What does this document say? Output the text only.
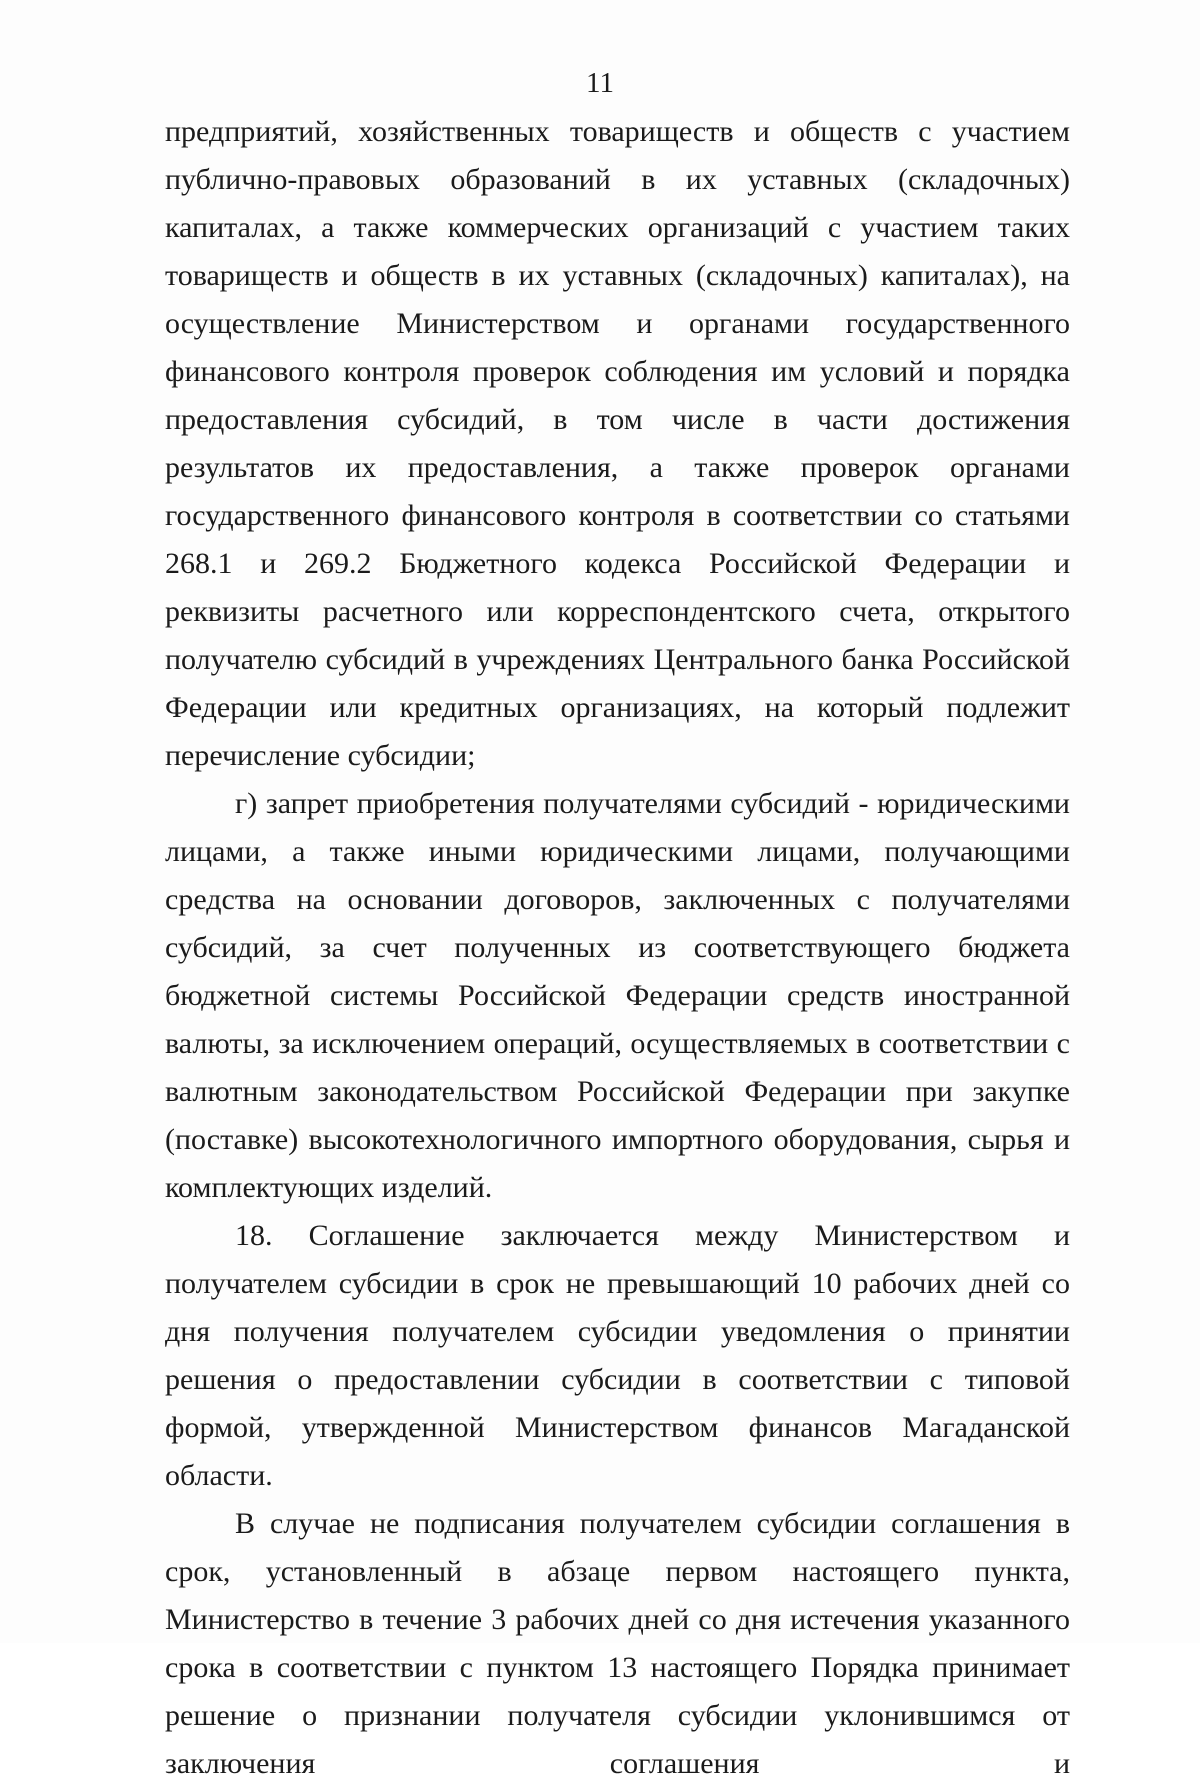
11

предприятий, хозяйственных товариществ и обществ с участием публично-правовых образований в их уставных (складочных) капиталах, а также коммерческих организаций с участием таких товариществ и обществ в их уставных (складочных) капиталах), на осуществление Министерством и органами государственного финансового контроля проверок соблюдения им условий и порядка предоставления субсидий, в том числе в части достижения результатов их предоставления, а также проверок органами государственного финансового контроля в соответствии со статьями 268.1 и 269.2 Бюджетного кодекса Российской Федерации и реквизиты расчетного или корреспондентского счета, открытого получателю субсидий в учреждениях Центрального банка Российской Федерации или кредитных организациях, на который подлежит перечисление субсидии;

г) запрет приобретения получателями субсидий - юридическими лицами, а также иными юридическими лицами, получающими средства на основании договоров, заключенных с получателями субсидий, за счет полученных из соответствующего бюджета бюджетной системы Российской Федерации средств иностранной валюты, за исключением операций, осуществляемых в соответствии с валютным законодательством Российской Федерации при закупке (поставке) высокотехнологичного импортного оборудования, сырья и комплектующих изделий.

18. Соглашение заключается между Министерством и получателем субсидии в срок не превышающий 10 рабочих дней со дня получения получателем субсидии уведомления о принятии решения о предоставлении субсидии в соответствии с типовой формой, утвержденной Министерством финансов Магаданской области.

В случае не подписания получателем субсидии соглашения в срок, установленный в абзаце первом настоящего пункта, Министерство в течение 3 рабочих дней со дня истечения указанного срока в соответствии с пунктом 13 настоящего Порядка принимает решение о признании получателя субсидии уклонившимся от заключения соглашения и
